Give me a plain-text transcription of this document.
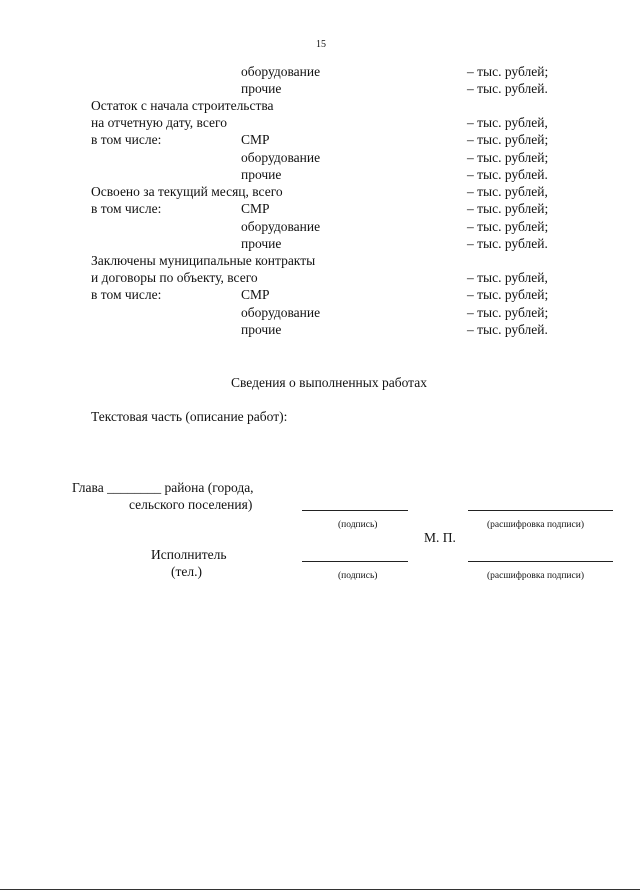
15
оборудование	– тыс. рублей;
прочие	– тыс. рублей.
Остаток с начала строительства
на отчетную дату, всего	– тыс. рублей,
в том числе:	СМР	– тыс. рублей;
оборудование	– тыс. рублей;
прочие	– тыс. рублей.
Освоено за текущий месяц, всего	– тыс. рублей,
в том числе:	СМР	– тыс. рублей;
оборудование	– тыс. рублей;
прочие	– тыс. рублей.
Заключены муниципальные контракты
и договоры по объекту, всего	– тыс. рублей,
в том числе:	СМР	– тыс. рублей;
оборудование	– тыс. рублей;
прочие	– тыс. рублей.
Сведения о выполненных работах
Текстовая часть (описание работ):
Глава ________ района (города,
сельского поселения)
(подпись)	(расшифровка подписи)
М. П.
Исполнитель
(тел.)	(подпись)	(расшифровка подписи)
